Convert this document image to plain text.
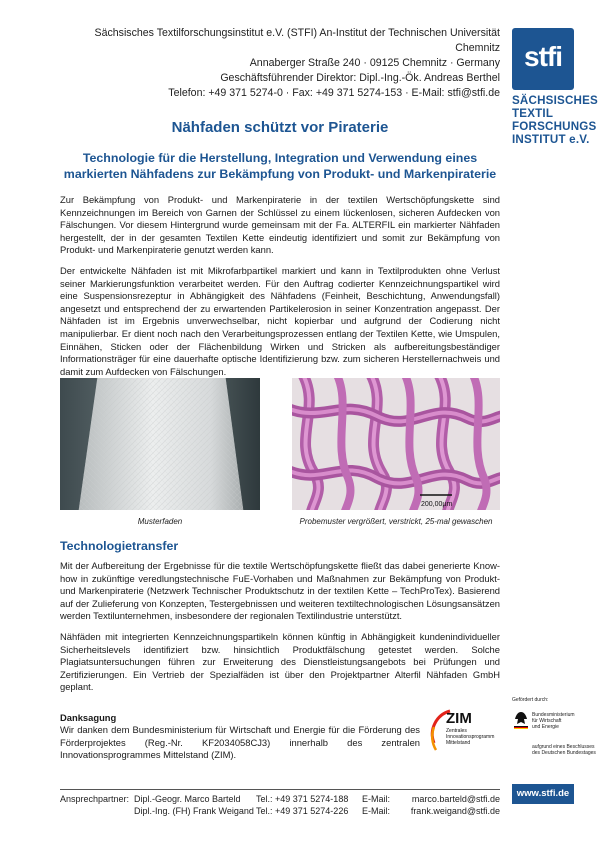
Sächsisches Textilforschungsinstitut e.V. (STFI) An-Institut der Technischen Universität Chemnitz
Annaberger Straße 240 · 09125 Chemnitz · Germany
Geschäftsführender Direktor: Dipl.-Ing.-Ök. Andreas Berthel
Telefon: +49 371 5274-0 · Fax: +49 371 5274-153 · E-Mail: stfi@stfi.de
stfi
SÄCHSISCHES
TEXTIL
FORSCHUNGS
INSTITUT e.V.
Nähfaden schützt vor Piraterie
Technologie für die Herstellung, Integration und Verwendung eines
markierten Nähfadens zur Bekämpfung von Produkt- und Markenpiraterie

Zur Bekämpfung von Produkt- und Markenpiraterie in der textilen Wertschöpfungskette sind Kennzeichnungen im Bereich von Garnen der Schlüssel zu einem lückenlosen, sicheren Aufdecken von Fälschungen. Vor diesem Hintergrund wurde gemeinsam mit der Fa. ALTERFIL ein markierter Nähfaden hergestellt, der in der gesamten Textilen Kette eindeutig identifiziert und somit zur Bekämpfung von Produkt- und Markenpiraterie genutzt werden kann.

Der entwickelte Nähfaden ist mit Mikrofarbpartikel markiert und kann in Textilprodukten ohne Verlust seiner Markierungsfunktion verarbeitet werden. Für den Auftrag codierter Kennzeichnungspartikel wird eine Suspensionsrezeptur in Abhängigkeit des Nähfadens (Feinheit, Beschichtung, Anwendungsfall) angesetzt und entsprechend der zu erwartenden Partikelerosion in seiner Konzentration angepasst. Der Nähfaden ist im Ergebnis unverwechselbar, nicht kopierbar und aufgrund der Codierung nicht manipulierbar. Er dient noch nach den Verarbeitungsprozessen entlang der Textilen Kette, wie Umspulen, Einnähen, Sticken oder der Flächenbildung Wirken und Stricken als aufbereitungsbeständiger Informationsträger für eine dauerhafte optische Identifizierung bzw. zum sicheren Herstellernachweis und damit zum Aufdecken von Fälschungen.

Musterfaden
200,00µm
Probemuster vergrößert, verstrickt, 25-mal gewaschen
Technologietransfer

Mit der Aufbereitung der Ergebnisse für die textile Wertschöpfungskette fließt das dabei generierte Know-how in zukünftige veredlungstechnische FuE-Vorhaben und Maßnahmen zur Bekämpfung von Produkt- und Markenpiraterie (Netzwerk Technischer Produktschutz in der textilen Kette – TechProTex). Basierend auf der Zulieferung von Konzepten, Testergebnissen und weiteren textiltechnologischen Lösungsansätzen werden Textilunternehmen, insbesondere der regionalen Textilindustrie unterstützt.

Nähfäden mit integrierten Kennzeichnungspartikeln können künftig in Abhängigkeit kundenindividueller Sicherheitslevels identifiziert bzw. hinsichtlich Produktfälschung getestet werden. Solche Plagiatsuntersuchungen führen zur Erweiterung des Dienstleistungsangebots bei Prüfungen und Zertifizierungen. Ein Vertrieb der Spezialfäden ist über den Projektpartner Alterfil Nähfaden GmbH geplant.

Danksagung
Wir danken dem Bundesministerium für Wirtschaft und Energie für die Förderung des Förderprojektes (Reg.-Nr. KF2034058CJ3) innerhalb des zentralen Innovationsprogrammes Mittelstand (ZIM).
ZIM
Zentrales
Innovationsprogramm
Mittelstand
Gefördert durch:
Bundesministerium
für Wirtschaft
und Energie
aufgrund eines Beschlusses
des Deutschen Bundestages
Ansprechpartner: Dipl.-Geogr. Marco Barteld
Dipl.-Ing. (FH) Frank Weigand
Tel.: +49 371 5274-188
Tel.: +49 371 5274-226
E-Mail:
E-Mail:
marco.barteld@stfi.de
frank.weigand@stfi.de
www.stfi.de
